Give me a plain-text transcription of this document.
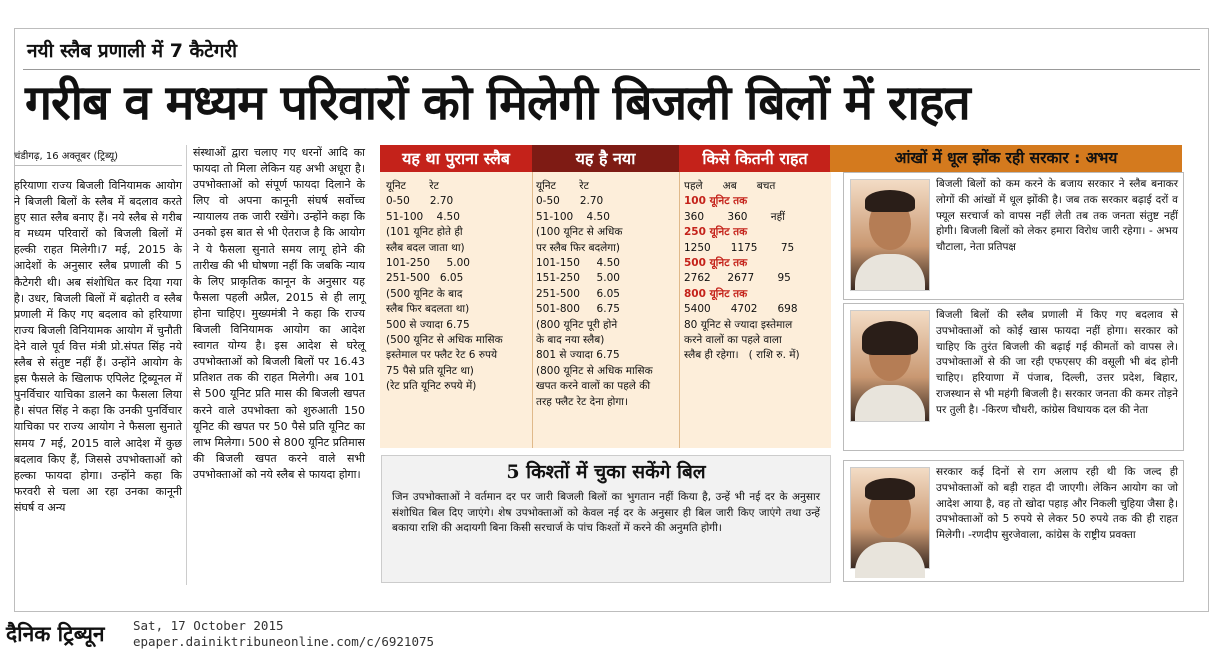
नयी स्लैब प्रणाली में 7 कैटेगरी
गरीब व मध्यम परिवारों को मिलेगी बिजली बिलों में राहत
चंडीगढ़, 16 अक्तूबर (ट्रिब्यू)

हरियाणा राज्य बिजली विनियामक आयोग ने बिजली बिलों के स्लैब में बदलाव करते हुए सात स्लैब बनाए हैं। नये स्लैब से गरीब व मध्यम परिवारों को बिजली बिलों में हल्की राहत मिलेगी।7 मई, 2015 के आदेशों के अनुसार स्लैब प्रणाली की 5 कैटेगरी थी। अब संशोधित कर दिया गया है। उधर, बिजली बिलों में बढ़ोतरी व स्लैब प्रणाली में किए गए बदलाव को हरियाणा राज्य बिजली विनियामक आयोग में चुनौती देने वाले पूर्व वित्त मंत्री प्रो.संपत सिंह नये स्लैब से संतुष्ट नहीं हैं। उन्होंने आयोग के इस फैसले के खिलाफ एपिलेट ट्रिब्यूनल में पुनर्विचार याचिका डालने का फैसला लिया है। संपत सिंह ने कहा कि उनकी पुनर्विचार याचिका पर राज्य आयोग ने फैसला सुनाते समय 7 मई, 2015 वाले आदेश में कुछ बदलाव किए हैं, जिससे उपभोक्ताओं को हल्का फायदा होगा। उन्होंने कहा कि फरवरी से चला आ रहा उनका कानूनी संघर्ष व अन्य

संस्थाओं द्वारा चलाए गए धरनों आदि का फायदा तो मिला लेकिन यह अभी अधूरा है। उपभोक्ताओं को संपूर्ण फायदा दिलाने के लिए वो अपना कानूनी संघर्ष सर्वोच्च न्यायालय तक जारी रखेंगे। उन्होंने कहा कि उनको इस बात से भी ऐतराज है कि आयोग ने ये फैसला सुनाते समय लागू होने की तारीख की भी घोषणा नहीं कि जबकि न्याय के लिए प्राकृतिक कानून के अनुसार यह फैसला पहली अप्रैल, 2015 से ही लागू होना चाहिए। मुख्यमंत्री ने कहा कि राज्य बिजली विनियामक आयोग का आदेश स्वागत योग्य है। इस आदेश से घरेलू उपभोक्ताओं को बिजली बिलों पर 16.43 प्रतिशत तक की राहत मिलेगी। अब 101 से 500 यूनिट प्रति मास की बिजली खपत करने वाले उपभोक्ता को शुरुआती 150 यूनिट की खपत पर 50 पैसे प्रति यूनिट का लाभ मिलेगा। 500 से 800 यूनिट प्रतिमास की बिजली खपत करने वाले सभी उपभोक्ताओं को नये स्लैब से फायदा होगा।

यह था पुराना स्लैब	यह है नया	किसे कितनी राहत

यूनिट       रेट

0-50      2.70

51-100    4.50

(101 यूनिट होते ही

स्लैब बदल जाता था)

101-250     5.00

251-500   6.05

(500 यूनिट के बाद

स्लैब फिर बदलता था)

500 से ज्यादा 6.75

(500 यूनिट से अधिक मासिक

इस्तेमाल पर फ्लैट रेट 6 रुपये

75 पैसे प्रति यूनिट था)

(रेट प्रति यूनिट रुपये में)

यूनिट       रेट

0-50      2.70

51-100    4.50

(100 यूनिट से अधिक

पर स्लैब फिर बदलेगा)

101-150     4.50

151-250     5.00

251-500     6.05

501-800     6.75

(800 यूनिट पूरी होने

के बाद नया स्लैब)

801 से ज्यादा 6.75

(800 यूनिट से अधिक मासिक

खपत करने वालों का पहले की

तरह फ्लैट रेट देना होगा।

पहले      अब      बचत

100 यूनिट तक

360       360       नहीं

250 यूनिट तक

1250      1175       75

500 यूनिट तक

2762     2677       95

800 यूनिट तक

5400      4702      698

80 यूनिट से ज्यादा इस्तेमाल

करने वालों का पहले वाला

स्लैब ही रहेगा।   ( राशि रु. में)

5 किश्तों में चुका सकेंगे बिल
जिन उपभोक्ताओं ने वर्तमान दर पर जारी बिजली बिलों का भुगतान नहीं किया है, उन्हें भी नई दर के अनुसार संशोधित बिल दिए जाएंगे। शेष उपभोक्ताओं को केवल नई दर के अनुसार ही बिल जारी किए जाएंगे तथा उन्हें बकाया राशि की अदायगी बिना किसी सरचार्ज के पांच किश्तों में करने की अनुमति होगी।
आंखों में धूल झोंक रही सरकार : अभय
बिजली बिलों को कम करने के बजाय सरकार ने स्लैब बनाकर लोगों की आंखों में धूल झोंकी है। जब तक सरकार बढ़ाई दरों व फ्यूल सरचार्ज को वापस नहीं लेती तब तक जनता संतुष्ट नहीं होगी। बिजली बिलों को लेकर हमारा विरोध जारी रहेगा। - अभय चौटाला, नेता प्रतिपक्ष
बिजली बिलों की स्लैब प्रणाली में किए गए बदलाव से उपभोक्ताओं को कोई खास फायदा नहीं होगा। सरकार को चाहिए कि तुरंत बिजली की बढ़ाई गई कीमतों को वापस ले। उपभोक्ताओं से की जा रही एफएसए की वसूली भी बंद होनी चाहिए। हरियाणा में पंजाब, दिल्ली, उत्तर प्रदेश, बिहार, राजस्थान से भी महंगी बिजली है। सरकार जनता की कमर तोड़ने पर तुली है। -किरण चौधरी, कांग्रेस विधायक दल की नेता
सरकार कई दिनों से राग अलाप रही थी कि जल्द ही उपभोक्ताओं को बड़ी राहत दी जाएगी। लेकिन आयोग का जो आदेश आया है, वह तो खोदा पहाड़ और निकली चुहिया जैसा है। उपभोक्ताओं को 5 रुपये से लेकर 50 रुपये तक की ही राहत मिलेगी। -रणदीप सुरजेवाला, कांग्रेस के राष्ट्रीय प्रवक्ता
दैनिक ट्रिब्यून Sat, 17 October 2015
epaper.dainiktribuneonline.com/c/6921075
